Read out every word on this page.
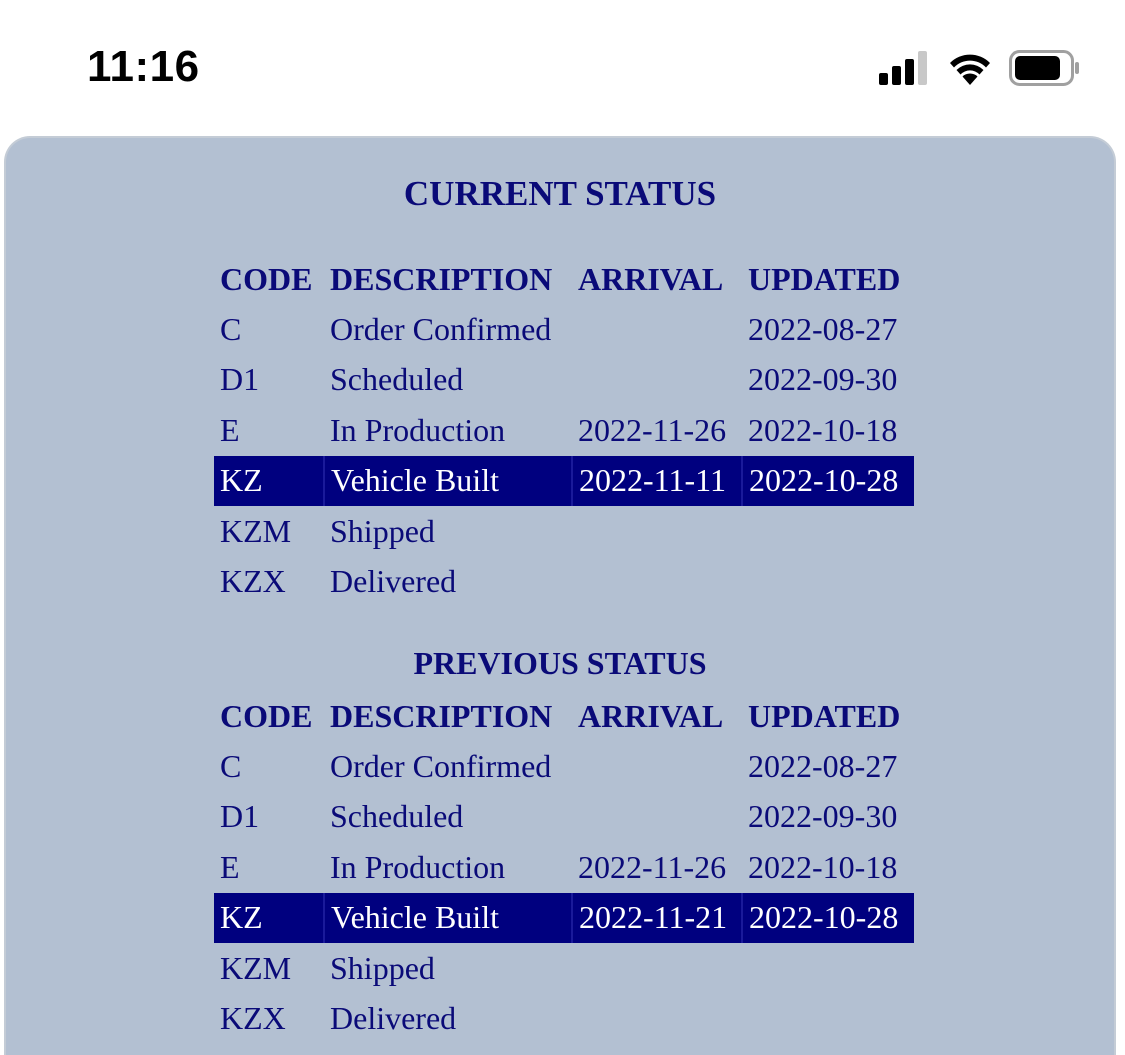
11:16
CURRENT STATUS
CODE	DESCRIPTION	ARRIVAL	UPDATED
C	Order Confirmed		2022-08-27
D1	Scheduled		2022-09-30
E	In Production	2022-11-26	2022-10-18
KZ	Vehicle Built	2022-11-11	2022-10-28
KZM	Shipped		
KZX	Delivered		
PREVIOUS STATUS
CODE	DESCRIPTION	ARRIVAL	UPDATED
C	Order Confirmed		2022-08-27
D1	Scheduled		2022-09-30
E	In Production	2022-11-26	2022-10-18
KZ	Vehicle Built	2022-11-21	2022-10-28
KZM	Shipped		
KZX	Delivered		
